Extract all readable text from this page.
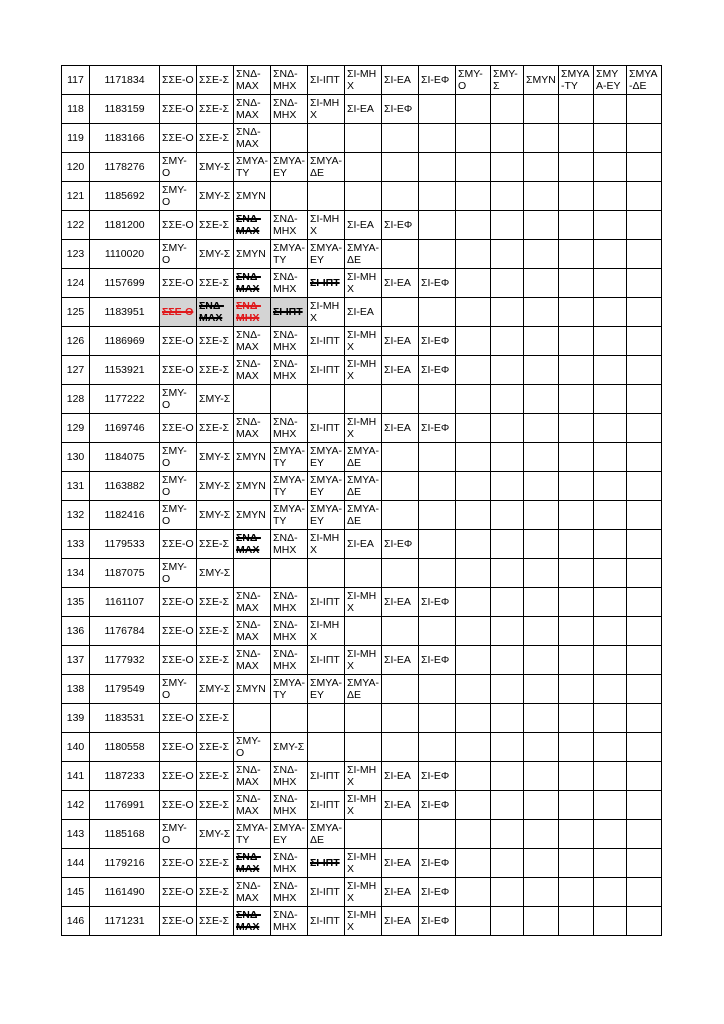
117	1171834	ΣΣΕ-Ο	ΣΣΕ-Σ	ΣΝΔ-ΜΑΧ	ΣΝΔ-ΜΗΧ	ΣΙ-ΙΠΤ	ΣΙ-ΜΗΧ	ΣΙ-ΕΑ	ΣΙ-ΕΦ	ΣΜΥ-Ο	ΣΜΥ-Σ	ΣΜΥΝ	ΣΜΥΑ-ΤΥ	ΣΜΥΑ-ΕΥ	ΣΜΥΑ-ΔΕ
118	1183159	ΣΣΕ-Ο	ΣΣΕ-Σ	ΣΝΔ-ΜΑΧ	ΣΝΔ-ΜΗΧ	ΣΙ-ΜΗΧ	ΣΙ-ΕΑ	ΣΙ-ΕΦ							
119	1183166	ΣΣΕ-Ο	ΣΣΕ-Σ	ΣΝΔ-ΜΑΧ											
120	1178276	ΣΜΥ-Ο	ΣΜΥ-Σ	ΣΜΥΑ-ΤΥ	ΣΜΥΑ-ΕΥ	ΣΜΥΑ-ΔΕ									
121	1185692	ΣΜΥ-Ο	ΣΜΥ-Σ	ΣΜΥΝ											
122	1181200	ΣΣΕ-Ο	ΣΣΕ-Σ	ΣΝΔ-ΜΑΧ	ΣΝΔ-ΜΗΧ	ΣΙ-ΜΗΧ	ΣΙ-ΕΑ	ΣΙ-ΕΦ							
123	1110020	ΣΜΥ-Ο	ΣΜΥ-Σ	ΣΜΥΝ	ΣΜΥΑ-ΤΥ	ΣΜΥΑ-ΕΥ	ΣΜΥΑ-ΔΕ								
124	1157699	ΣΣΕ-Ο	ΣΣΕ-Σ	ΣΝΔ-ΜΑΧ	ΣΝΔ-ΜΗΧ	ΣΙ-ΙΠΤ	ΣΙ-ΜΗΧ	ΣΙ-ΕΑ	ΣΙ-ΕΦ						
125	1183951	ΣΣΕ-Ο	ΣΝΔ-ΜΑΧ	ΣΝΔ-ΜΗΧ	ΣΙ-ΙΠΤ	ΣΙ-ΜΗΧ	ΣΙ-ΕΑ								
126	1186969	ΣΣΕ-Ο	ΣΣΕ-Σ	ΣΝΔ-ΜΑΧ	ΣΝΔ-ΜΗΧ	ΣΙ-ΙΠΤ	ΣΙ-ΜΗΧ	ΣΙ-ΕΑ	ΣΙ-ΕΦ						
127	1153921	ΣΣΕ-Ο	ΣΣΕ-Σ	ΣΝΔ-ΜΑΧ	ΣΝΔ-ΜΗΧ	ΣΙ-ΙΠΤ	ΣΙ-ΜΗΧ	ΣΙ-ΕΑ	ΣΙ-ΕΦ						
128	1177222	ΣΜΥ-Ο	ΣΜΥ-Σ												
129	1169746	ΣΣΕ-Ο	ΣΣΕ-Σ	ΣΝΔ-ΜΑΧ	ΣΝΔ-ΜΗΧ	ΣΙ-ΙΠΤ	ΣΙ-ΜΗΧ	ΣΙ-ΕΑ	ΣΙ-ΕΦ						
130	1184075	ΣΜΥ-Ο	ΣΜΥ-Σ	ΣΜΥΝ	ΣΜΥΑ-ΤΥ	ΣΜΥΑ-ΕΥ	ΣΜΥΑ-ΔΕ								
131	1163882	ΣΜΥ-Ο	ΣΜΥ-Σ	ΣΜΥΝ	ΣΜΥΑ-ΤΥ	ΣΜΥΑ-ΕΥ	ΣΜΥΑ-ΔΕ								
132	1182416	ΣΜΥ-Ο	ΣΜΥ-Σ	ΣΜΥΝ	ΣΜΥΑ-ΤΥ	ΣΜΥΑ-ΕΥ	ΣΜΥΑ-ΔΕ								
133	1179533	ΣΣΕ-Ο	ΣΣΕ-Σ	ΣΝΔ-ΜΑΧ	ΣΝΔ-ΜΗΧ	ΣΙ-ΜΗΧ	ΣΙ-ΕΑ	ΣΙ-ΕΦ							
134	1187075	ΣΜΥ-Ο	ΣΜΥ-Σ												
135	1161107	ΣΣΕ-Ο	ΣΣΕ-Σ	ΣΝΔ-ΜΑΧ	ΣΝΔ-ΜΗΧ	ΣΙ-ΙΠΤ	ΣΙ-ΜΗΧ	ΣΙ-ΕΑ	ΣΙ-ΕΦ						
136	1176784	ΣΣΕ-Ο	ΣΣΕ-Σ	ΣΝΔ-ΜΑΧ	ΣΝΔ-ΜΗΧ	ΣΙ-ΜΗΧ									
137	1177932	ΣΣΕ-Ο	ΣΣΕ-Σ	ΣΝΔ-ΜΑΧ	ΣΝΔ-ΜΗΧ	ΣΙ-ΙΠΤ	ΣΙ-ΜΗΧ	ΣΙ-ΕΑ	ΣΙ-ΕΦ						
138	1179549	ΣΜΥ-Ο	ΣΜΥ-Σ	ΣΜΥΝ	ΣΜΥΑ-ΤΥ	ΣΜΥΑ-ΕΥ	ΣΜΥΑ-ΔΕ								
139	1183531	ΣΣΕ-Ο	ΣΣΕ-Σ												
140	1180558	ΣΣΕ-Ο	ΣΣΕ-Σ	ΣΜΥ-Ο	ΣΜΥ-Σ										
141	1187233	ΣΣΕ-Ο	ΣΣΕ-Σ	ΣΝΔ-ΜΑΧ	ΣΝΔ-ΜΗΧ	ΣΙ-ΙΠΤ	ΣΙ-ΜΗΧ	ΣΙ-ΕΑ	ΣΙ-ΕΦ						
142	1176991	ΣΣΕ-Ο	ΣΣΕ-Σ	ΣΝΔ-ΜΑΧ	ΣΝΔ-ΜΗΧ	ΣΙ-ΙΠΤ	ΣΙ-ΜΗΧ	ΣΙ-ΕΑ	ΣΙ-ΕΦ						
143	1185168	ΣΜΥ-Ο	ΣΜΥ-Σ	ΣΜΥΑ-ΤΥ	ΣΜΥΑ-ΕΥ	ΣΜΥΑ-ΔΕ									
144	1179216	ΣΣΕ-Ο	ΣΣΕ-Σ	ΣΝΔ-ΜΑΧ	ΣΝΔ-ΜΗΧ	ΣΙ-ΙΠΤ	ΣΙ-ΜΗΧ	ΣΙ-ΕΑ	ΣΙ-ΕΦ						
145	1161490	ΣΣΕ-Ο	ΣΣΕ-Σ	ΣΝΔ-ΜΑΧ	ΣΝΔ-ΜΗΧ	ΣΙ-ΙΠΤ	ΣΙ-ΜΗΧ	ΣΙ-ΕΑ	ΣΙ-ΕΦ						
146	1171231	ΣΣΕ-Ο	ΣΣΕ-Σ	ΣΝΔ-ΜΑΧ	ΣΝΔ-ΜΗΧ	ΣΙ-ΙΠΤ	ΣΙ-ΜΗΧ	ΣΙ-ΕΑ	ΣΙ-ΕΦ						
